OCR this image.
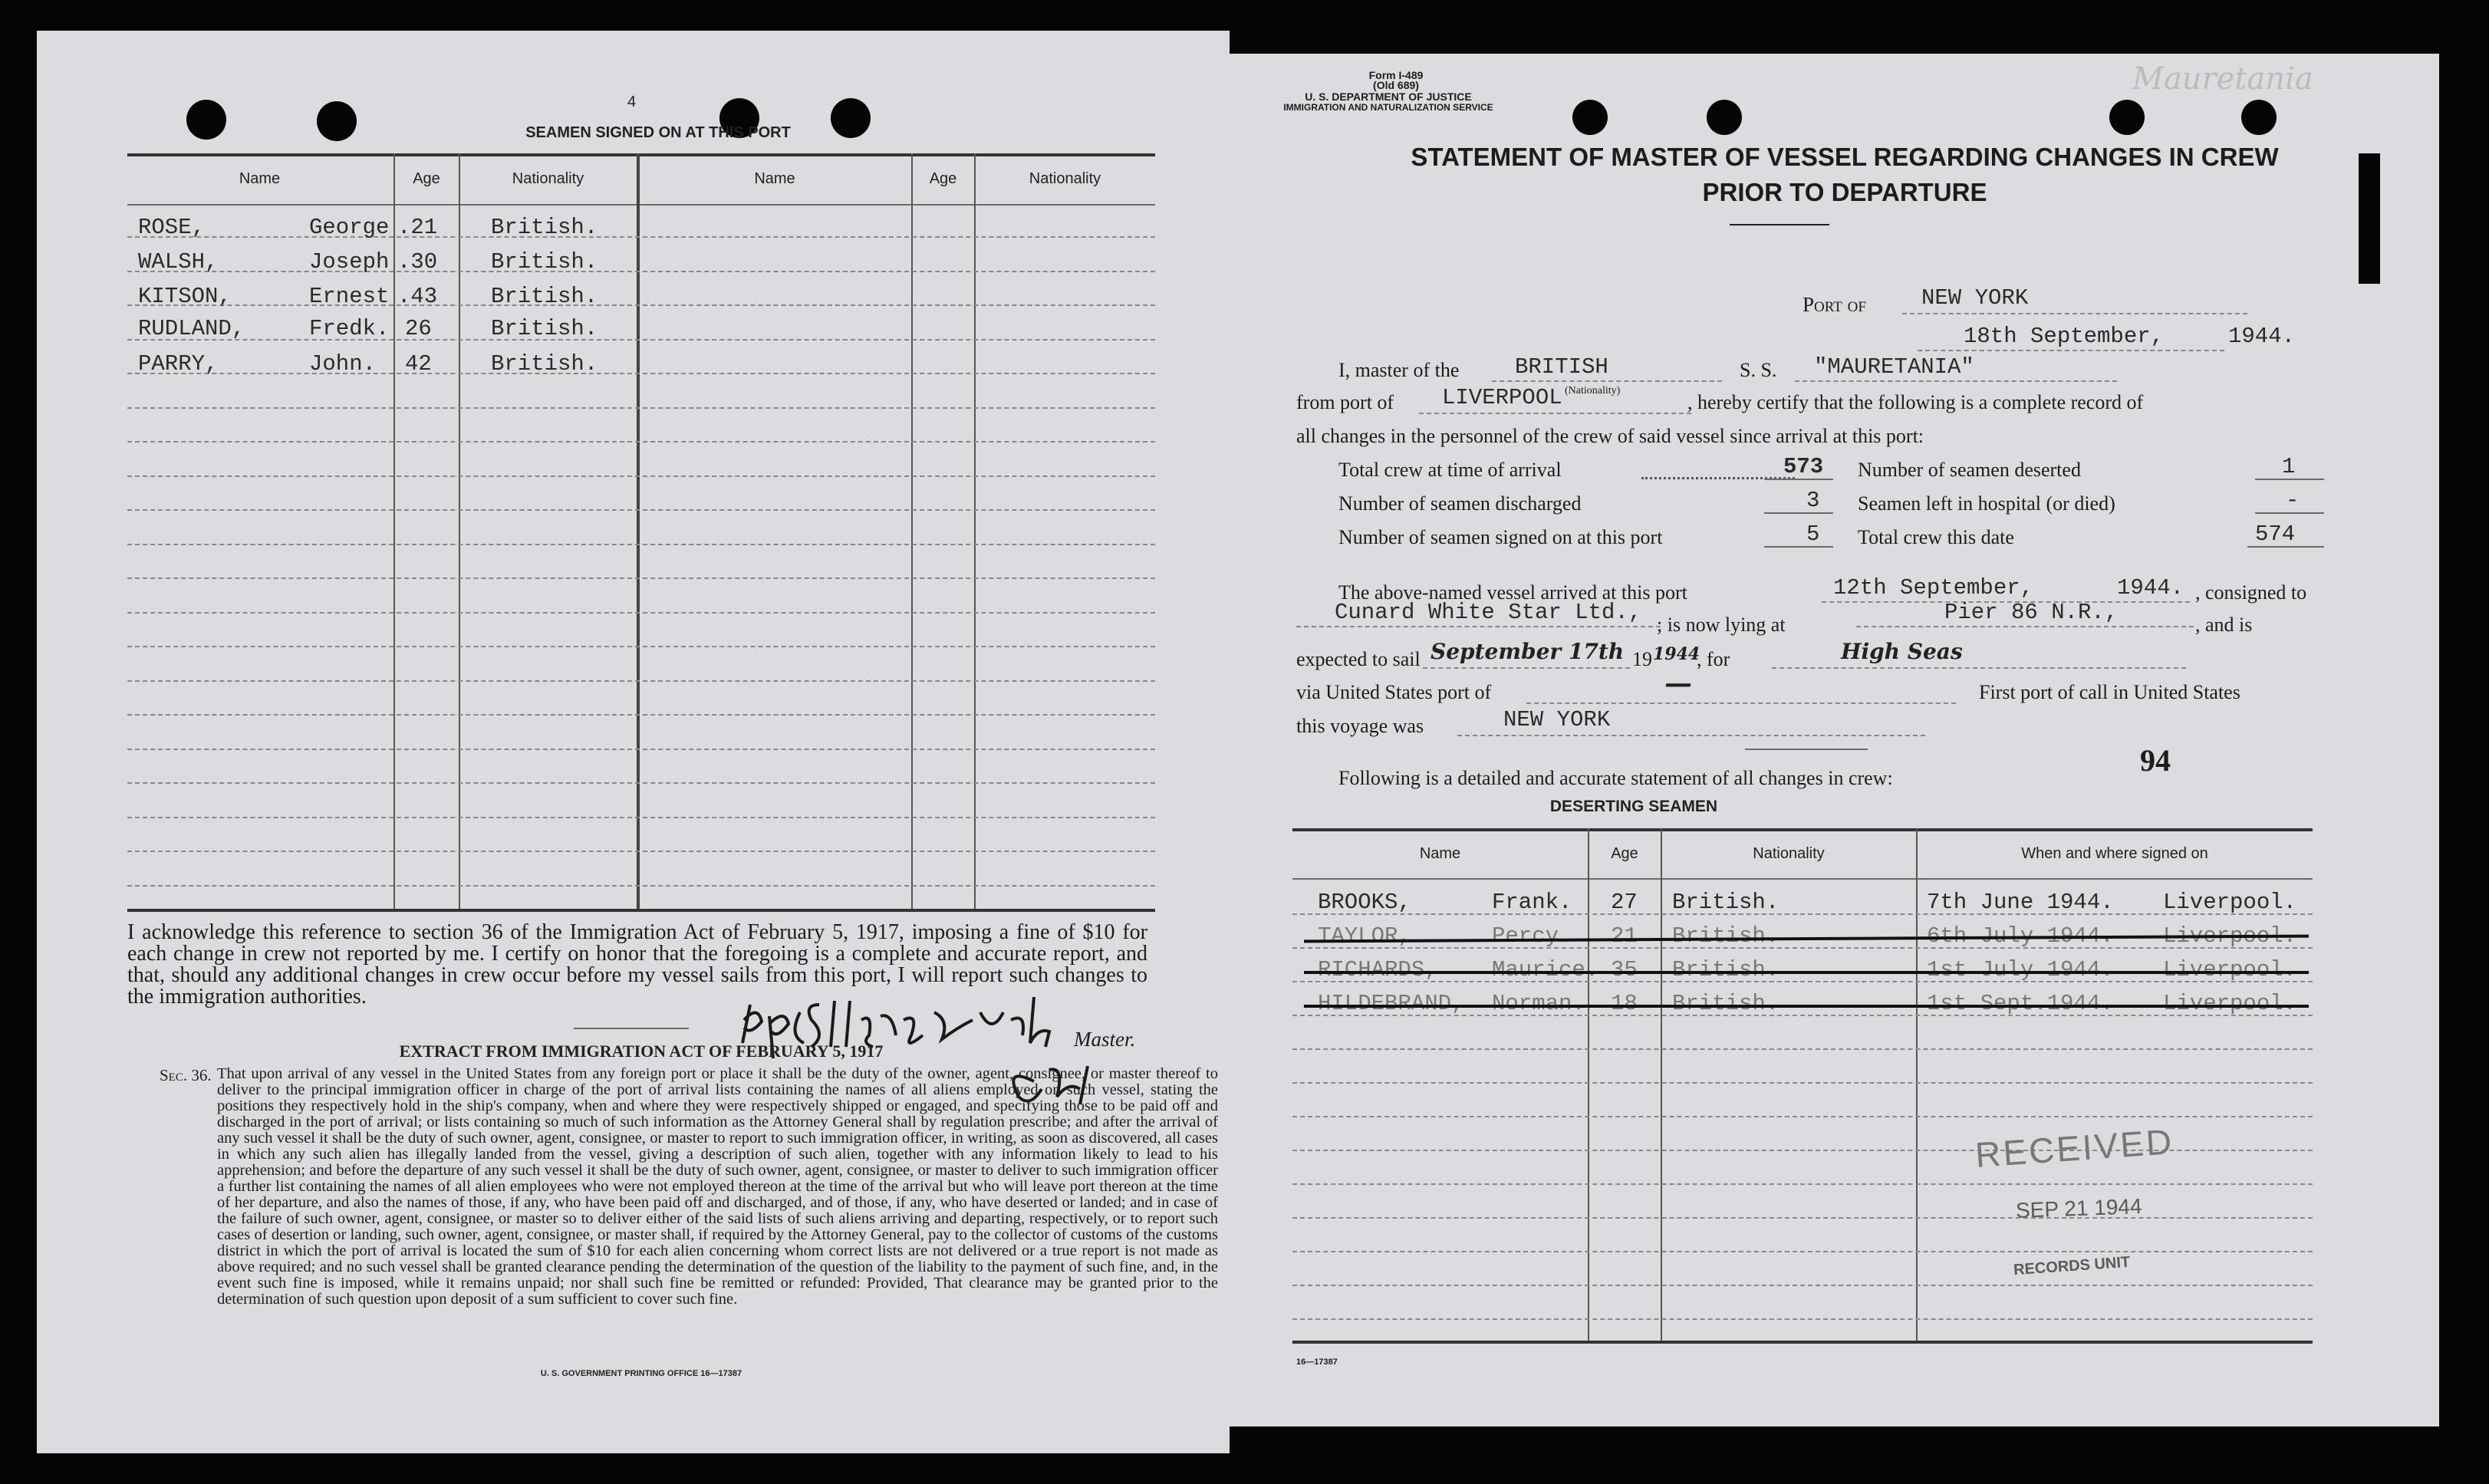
4
SEAMEN SIGNED ON AT THIS PORT
Name	Age	Nationality	Name	Age	Nationality
ROSE,	George .21 British.
WALSH,	Joseph .30 British.
KITSON,	Ernest .43 British.
RUDLAND,	Fredk. 26	British.
PARRY,	John. 42	British.
I acknowledge this reference to section 36 of the Immigration Act of February 5, 1917, imposing a fine of $10 for each change in crew not reported by me. I certify on honor that the foregoing is a complete and accurate report, and that, should any additional changes in crew occur before my vessel sails from this port, I will report such changes to the immigration authorities.
Master.
EXTRACT FROM IMMIGRATION ACT OF FEBRUARY 5, 1917
Sec. 36. That upon arrival of any vessel in the United States from any foreign port or place it shall be the duty of the owner, agent, consignee, or master thereof to deliver to the principal immigration officer in charge of the port of arrival lists containing the names of all aliens employed on such vessel, stating the positions they respectively hold in the ship's company, when and where they were respectively shipped or engaged, and specifying those to be paid off and discharged in the port of arrival; or lists containing so much of such information as the Attorney General shall by regulation prescribe; and after the arrival of any such vessel it shall be the duty of such owner, agent, consignee, or master to report to such immigration officer, in writing, as soon as discovered, all cases in which any such alien has illegally landed from the vessel, giving a description of such alien, together with any information likely to lead to his apprehension; and before the departure of any such vessel it shall be the duty of such owner, agent, consignee, or master to deliver to such immigration officer a further list containing the names of all alien employees who were not employed thereon at the time of the arrival but who will leave port thereon at the time of her departure, and also the names of those, if any, who have been paid off and discharged, and of those, if any, who have deserted or landed; and in case of the failure of such owner, agent, consignee, or master so to deliver either of the said lists of such aliens arriving and departing, respectively, or to report such cases of desertion or landing, such owner, agent, consignee, or master shall, if required by the Attorney General, pay to the collector of customs of the customs district in which the port of arrival is located the sum of $10 for each alien concerning whom correct lists are not delivered or a true report is not made as above required; and no such vessel shall be granted clearance pending the determination of the question of the liability to the payment of such fine, and, in the event such fine is imposed, while it remains unpaid; nor shall such fine be remitted or refunded: Provided, That clearance may be granted prior to the determination of such question upon deposit of a sum sufficient to cover such fine.
U. S. GOVERNMENT PRINTING OFFICE 16—17387
Form I-489
(Old 689)
U. S. DEPARTMENT OF JUSTICE
IMMIGRATION AND NATURALIZATION SERVICE
Mauretania
STATEMENT OF MASTER OF VESSEL REGARDING CHANGES IN CREW
PRIOR TO DEPARTURE
Port of NEW YORK
18th September,	1944.
I, master of the	BRITISH
(Nationality)
S. S. "MAURETANIA"
from port of LIVERPOOL	, hereby certify that the following is a complete record of
all changes in the personnel of the crew of said vessel since arrival at this port:
Total crew at time of arrival	573 Number of seamen deserted	1
Number of seamen discharged	3 Seamen left in hospital (or died)	-
Number of seamen signed on at this port	5 Total crew this date	574
The above-named vessel arrived at this port	12th September,	1944. , consigned to
Cunard White Star Ltd., ; is now lying at	Pier 86 N.R.,	, and is
expected to sail September 17th 19 1944
, for	High Seas
via United States port of	—	First port of call in United States
this voyage was	NEW YORK
94
Following is a detailed and accurate statement of all changes in crew:
DESERTING SEAMEN
Name	Age	Nationality	When and where signed on
BROOKS,	Frank. 27 British.	7th June 1944. Liverpool.
TAYLOR,	Percy. 21 British.	6th July 1944. Liverpool.
RICHARDS, Maurice. 35 British.	1st July 1944. Liverpool.
HILDEBRAND, Norman. 18 British.	1st Sept.1944. Liverpool.
RECEIVED
SEP 21 1944
RECORDS UNIT
16—17387
